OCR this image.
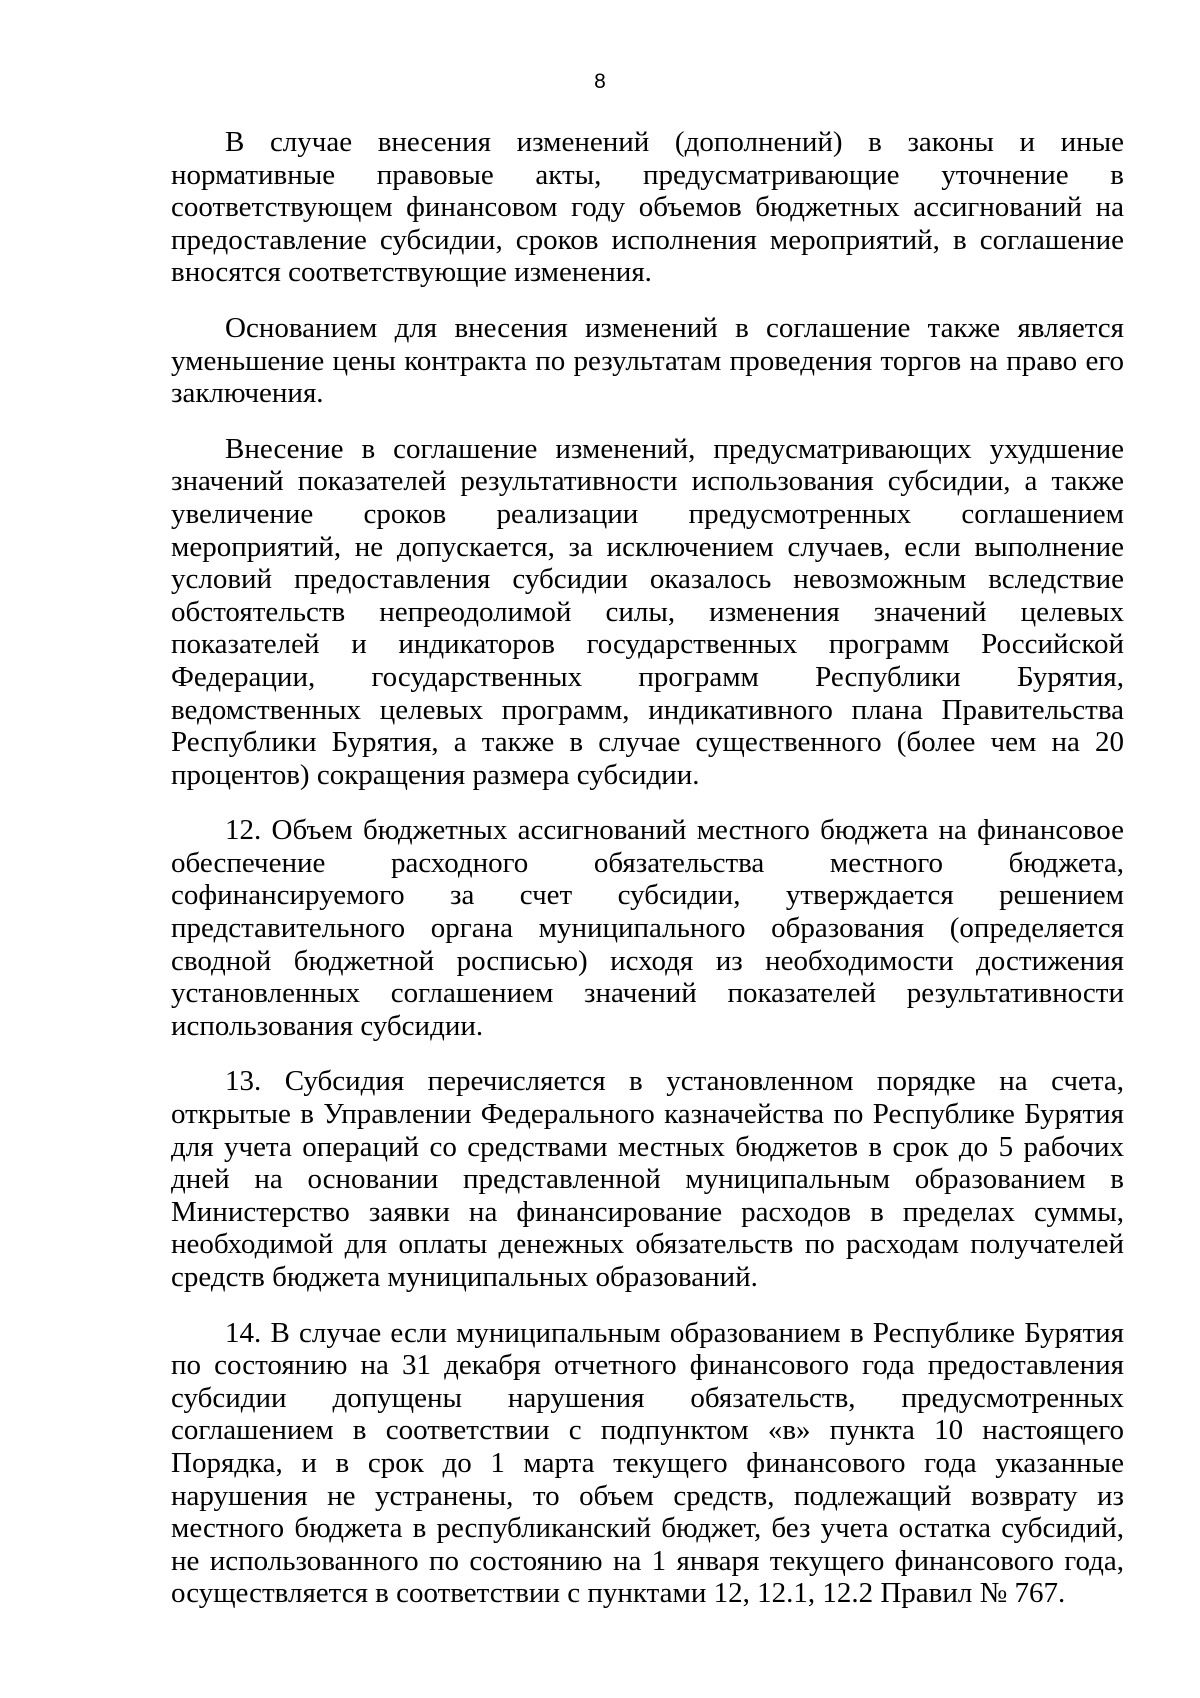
8

В случае внесения изменений (дополнений) в законы и иные нормативные правовые акты, предусматривающие уточнение в соответствующем финансовом году объемов бюджетных ассигнований на предоставление субсидии, сроков исполнения мероприятий, в соглашение вносятся соответствующие изменения.

Основанием для внесения изменений в соглашение также является уменьшение цены контракта по результатам проведения торгов на право его заключения.

Внесение в соглашение изменений, предусматривающих ухудшение значений показателей результативности использования субсидии, а также увеличение сроков реализации предусмотренных соглашением мероприятий, не допускается, за исключением случаев, если выполнение условий предоставления субсидии оказалось невозможным вследствие обстоятельств непреодолимой силы, изменения значений целевых показателей и индикаторов государственных программ Российской Федерации, государственных программ Республики Бурятия, ведомственных целевых программ, индикативного плана Правительства Республики Бурятия, а также в случае существенного (более чем на 20 процентов) сокращения размера субсидии.

12. Объем бюджетных ассигнований местного бюджета на финансовое обеспечение расходного обязательства местного бюджета, софинансируемого за счет субсидии, утверждается решением представительного органа муниципального образования (определяется сводной бюджетной росписью) исходя из необходимости достижения установленных соглашением значений показателей результативности использования субсидии.

13. Субсидия перечисляется в установленном порядке на счета, открытые в Управлении Федерального казначейства по Республике Бурятия для учета операций со средствами местных бюджетов в срок до 5 рабочих дней на основании представленной муниципальным образованием в Министерство заявки на финансирование расходов в пределах суммы, необходимой для оплаты денежных обязательств по расходам получателей средств бюджета муниципальных образований.

14. В случае если муниципальным образованием в Республике Бурятия по состоянию на 31 декабря отчетного финансового года предоставления субсидии допущены нарушения обязательств, предусмотренных соглашением в соответствии с подпунктом «в» пункта 10 настоящего Порядка, и в срок до 1 марта текущего финансового года указанные нарушения не устранены, то объем средств, подлежащий возврату из местного бюджета в республиканский бюджет, без учета остатка субсидий, не использованного по состоянию на 1 января текущего финансового года, осуществляется в соответствии с пунктами 12, 12.1, 12.2 Правил № 767.
